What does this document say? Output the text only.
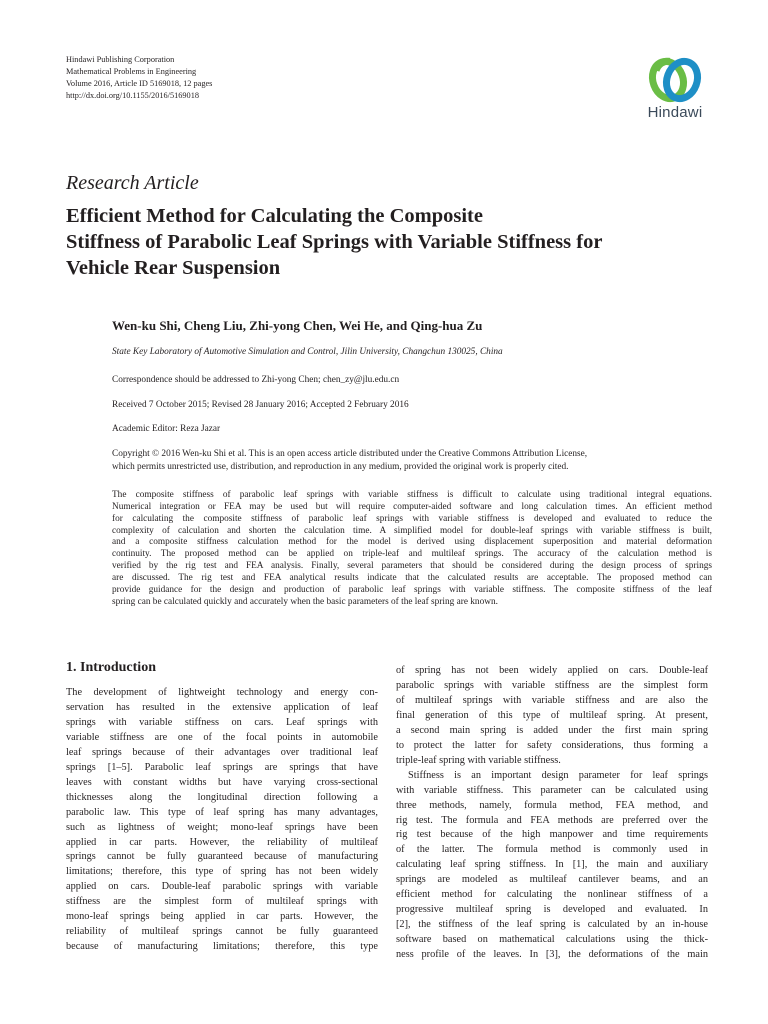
Hindawi Publishing Corporation
Mathematical Problems in Engineering
Volume 2016, Article ID 5169018, 12 pages
http://dx.doi.org/10.1155/2016/5169018
Hindawi
Research Article
Efficient Method for Calculating the Composite
Stiffness of Parabolic Leaf Springs with Variable Stiffness for
Vehicle Rear Suspension
Wen-ku Shi, Cheng Liu, Zhi-yong Chen, Wei He, and Qing-hua Zu
State Key Laboratory of Automotive Simulation and Control, Jilin University, Changchun 130025, China
Correspondence should be addressed to Zhi-yong Chen; chen_zy@jlu.edu.cn
Received 7 October 2015; Revised 28 January 2016; Accepted 2 February 2016
Academic Editor: Reza Jazar
Copyright © 2016 Wen-ku Shi et al. This is an open access article distributed under the Creative Commons Attribution License,
which permits unrestricted use, distribution, and reproduction in any medium, provided the original work is properly cited.
The composite stiffness of parabolic leaf springs with variable stiffness is difficult to calculate using traditional integral equations.
Numerical integration or FEA may be used but will require computer-aided software and long calculation times. An efficient method
for calculating the composite stiffness of parabolic leaf springs with variable stiffness is developed and evaluated to reduce the
complexity of calculation and shorten the calculation time. A simplified model for double-leaf springs with variable stiffness is built,
and a composite stiffness calculation method for the model is derived using displacement superposition and material deformation
continuity. The proposed method can be applied on triple-leaf and multileaf springs. The accuracy of the calculation method is
verified by the rig test and FEA analysis. Finally, several parameters that should be considered during the design process of springs
are discussed. The rig test and FEA analytical results indicate that the calculated results are acceptable. The proposed method can
provide guidance for the design and production of parabolic leaf springs with variable stiffness. The composite stiffness of the leaf
spring can be calculated quickly and accurately when the basic parameters of the leaf spring are known.
1. Introduction
The development of lightweight technology and energy con-
servation has resulted in the extensive application of leaf
springs with variable stiffness on cars. Leaf springs with
variable stiffness are one of the focal points in automobile
leaf springs because of their advantages over traditional leaf
springs [1–5]. Parabolic leaf springs are springs that have
leaves with constant widths but have varying cross-sectional
thicknesses along the longitudinal direction following a
parabolic law. This type of leaf spring has many advantages,
such as lightness of weight; mono-leaf springs have been
applied in car parts. However, the reliability of multileaf
springs cannot be fully guaranteed because of manufacturing
limitations; therefore, this type of spring has not been widely
applied on cars. Double-leaf parabolic springs with variable
stiffness are the simplest form of multileaf springs with
mono-leaf springs being applied in car parts. However, the
reliability of multileaf springs cannot be fully guaranteed
because of manufacturing limitations; therefore, this type
of spring has not been widely applied on cars. Double-leaf
parabolic springs with variable stiffness are the simplest form
of multileaf springs with variable stiffness and are also the
final generation of this type of multileaf spring. At present,
a second main spring is added under the first main spring
to protect the latter for safety considerations, thus forming a
triple-leaf spring with variable stiffness.
Stiffness is an important design parameter for leaf springs
with variable stiffness. This parameter can be calculated using
three methods, namely, formula method, FEA method, and
rig test. The formula and FEA methods are preferred over the
rig test because of the high manpower and time requirements
of the latter. The formula method is commonly used in
calculating leaf spring stiffness. In [1], the main and auxiliary
springs are modeled as multileaf cantilever beams, and an
efficient method for calculating the nonlinear stiffness of a
progressive multileaf spring is developed and evaluated. In
[2], the stiffness of the leaf spring is calculated by an in-house
software based on mathematical calculations using the thick-
ness profile of the leaves. In [3], the deformations of the main
